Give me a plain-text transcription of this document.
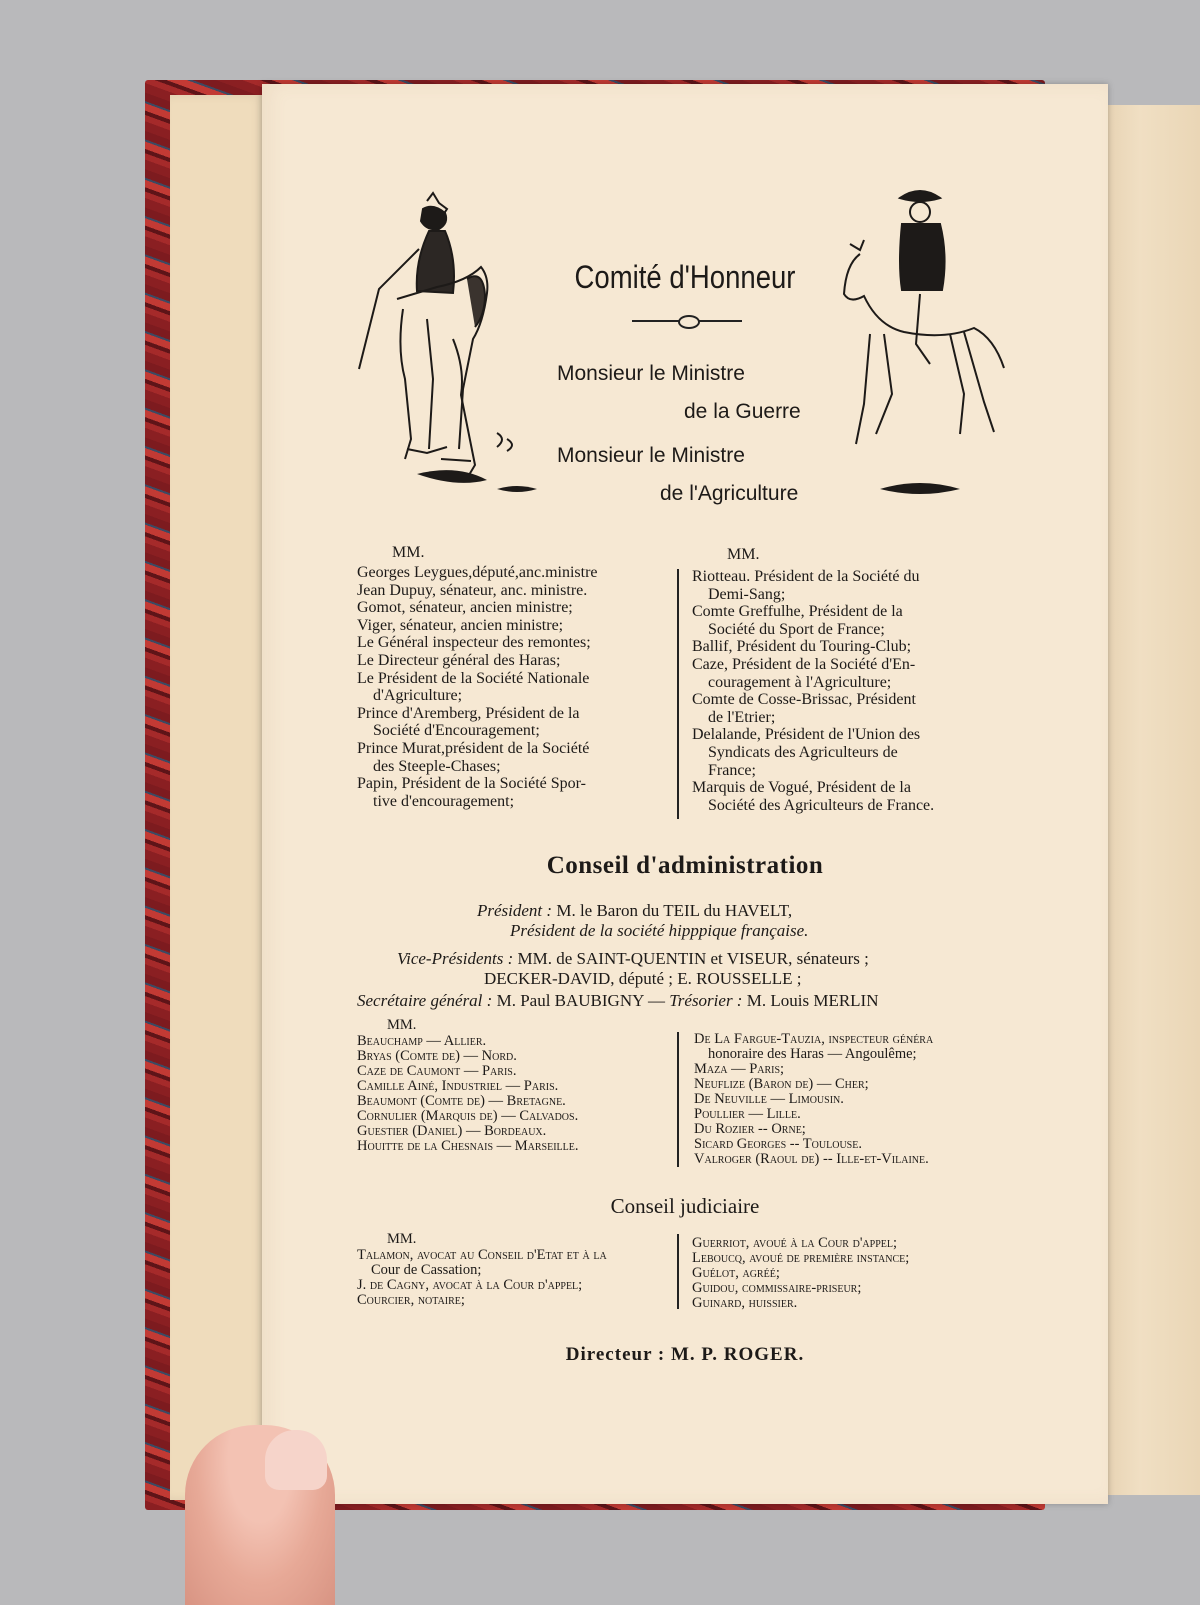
Comité d'Honneur
Monsieur le Ministre
de la Guerre
Monsieur le Ministre
de l'Agriculture
MM.
Georges Leygues,député,anc.ministre
Jean Dupuy, sénateur, anc. ministre.
Gomot, sénateur, ancien ministre;
Viger, sénateur, ancien ministre;
Le Général inspecteur des remontes;
Le Directeur général des Haras;
Le Président de la Société Nationale
d'Agriculture;
Prince d'Aremberg, Président de la
Société d'Encouragement;
Prince Murat,président de la Société
des Steeple-Chases;
Papin, Président de la Société Spor-
tive d'encouragement;
MM.
Riotteau. Président de la Société du
Demi-Sang;
Comte Greffulhe, Président de la
Société du Sport de France;
Ballif, Président du Touring-Club;
Caze, Président de la Société d'En-
couragement à l'Agriculture;
Comte de Cosse-Brissac, Président
de l'Etrier;
Delalande, Président de l'Union des
Syndicats des Agriculteurs de
France;
Marquis de Vogué, Président de la
Société des Agriculteurs de France.
Conseil d'administration
Président : M. le Baron du TEIL du HAVELT,
Président de la société hipppique française.
Vice-Présidents : MM. de SAINT-QUENTIN et VISEUR, sénateurs ;
DECKER-DAVID, député ; E. ROUSSELLE ;
Secrétaire général : M. Paul BAUBIGNY — Trésorier : M. Louis MERLIN
MM.
Beauchamp — Allier.
Bryas (Comte de) — Nord.
Caze de Caumont — Paris.
Camille Ainé, Industriel — Paris.
Beaumont (Comte de) — Bretagne.
Cornulier (Marquis de) — Calvados.
Guestier (Daniel) — Bordeaux.
Houitte de la Chesnais — Marseille.
De La Fargue-Tauzia, inspecteur généra
honoraire des Haras — Angoulême;
Maza — Paris;
Neuflize (Baron de) — Cher;
De Neuville — Limousin.
Poullier — Lille.
Du Rozier -- Orne;
Sicard Georges -- Toulouse.
Valroger (Raoul de) -- Ille-et-Vilaine.
Conseil judiciaire
MM.
Talamon, avocat au Conseil d'Etat et à la
Cour de Cassation;
J. de Cagny, avocat à la Cour d'appel;
Courcier, notaire;
Guerriot, avoué à la Cour d'appel;
Leboucq, avoué de première instance;
Guélot, agréé;
Guidou, commissaire-priseur;
Guinard, huissier.
Directeur : M. P. ROGER.
